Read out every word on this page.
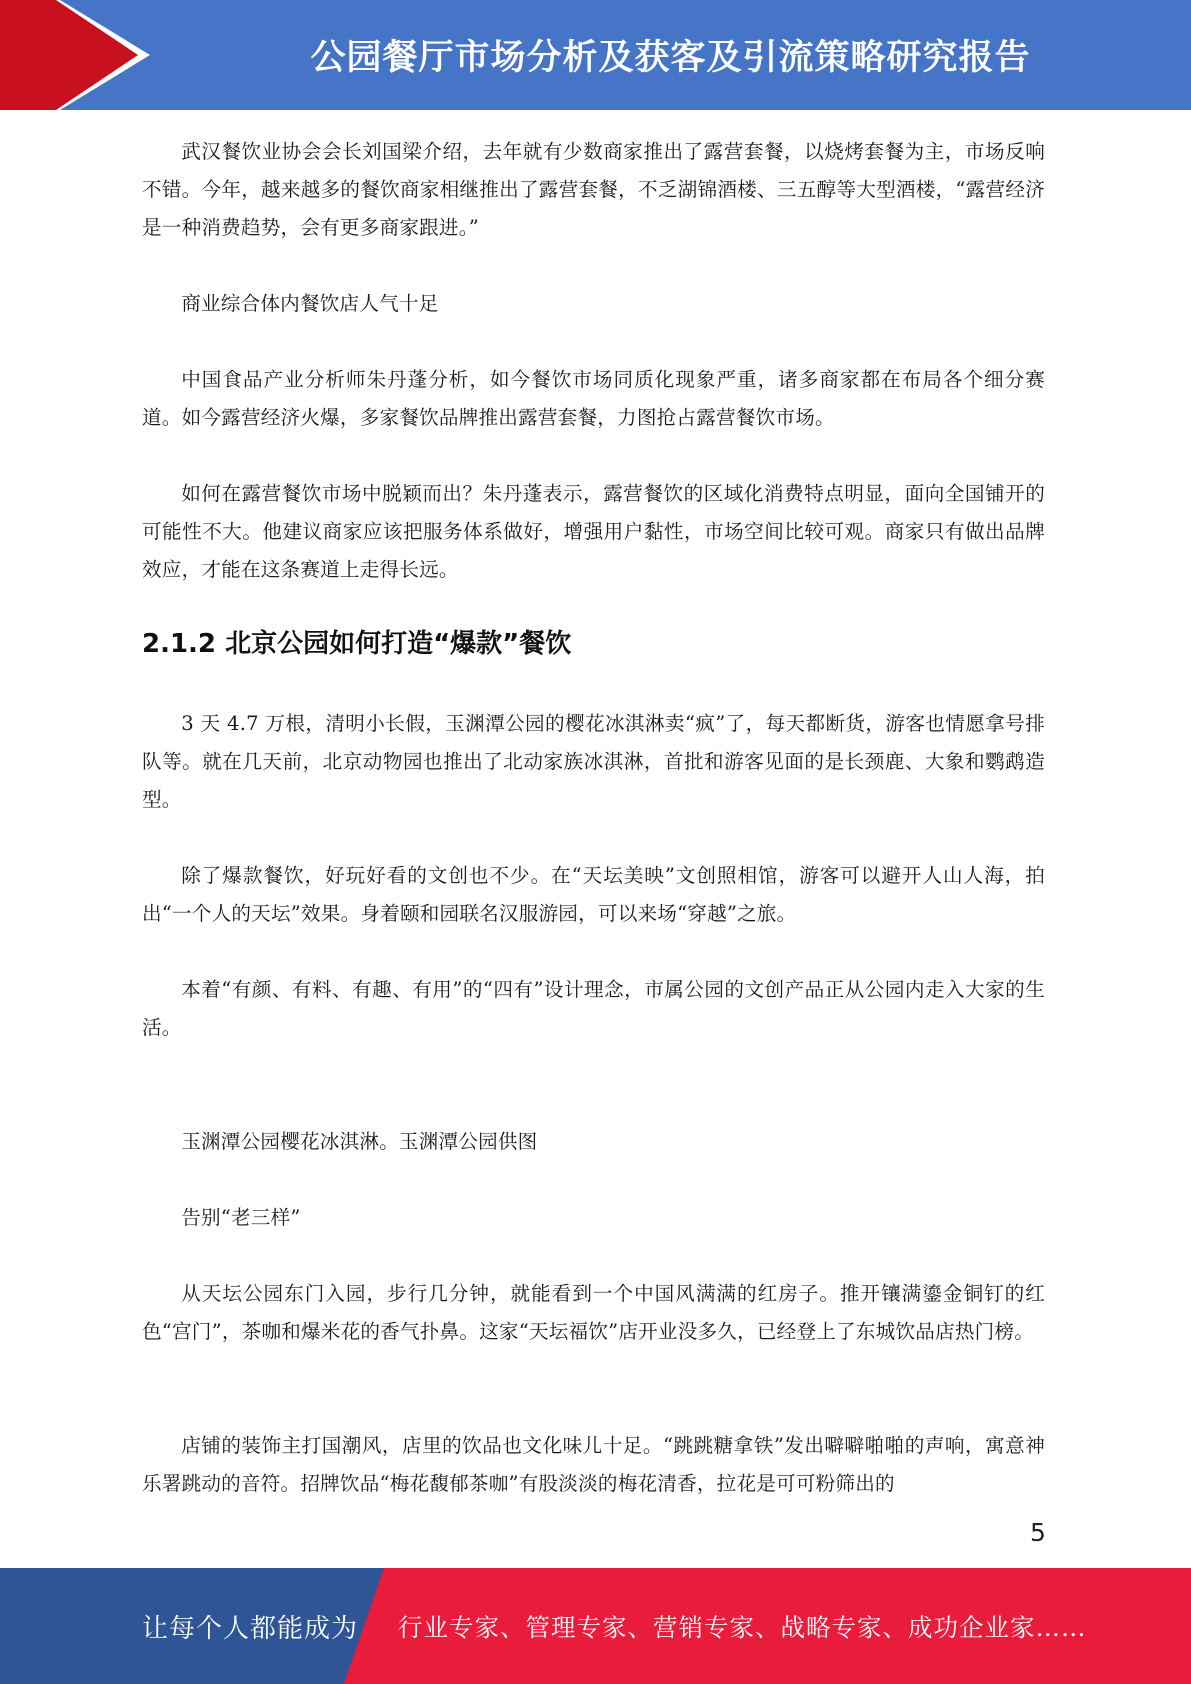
公园餐厅市场分析及获客及引流策略研究报告

武汉餐饮业协会会长刘国梁介绍，去年就有少数商家推出了露营套餐，以烧烤套餐为主，市场反响不错。今年，越来越多的餐饮商家相继推出了露营套餐，不乏湖锦酒楼、三五醇等大型酒楼，“露营经济是一种消费趋势，会有更多商家跟进。”

商业综合体内餐饮店人气十足

中国食品产业分析师朱丹蓬分析，如今餐饮市场同质化现象严重，诸多商家都在布局各个细分赛道。如今露营经济火爆，多家餐饮品牌推出露营套餐，力图抢占露营餐饮市场。

如何在露营餐饮市场中脱颖而出？朱丹蓬表示，露营餐饮的区域化消费特点明显，面向全国铺开的可能性不大。他建议商家应该把服务体系做好，增强用户黏性，市场空间比较可观。商家只有做出品牌效应，才能在这条赛道上走得长远。

2.1.2 北京公园如何打造“爆款”餐饮

3 天 4.7 万根，清明小长假，玉渊潭公园的樱花冰淇淋卖“疯”了，每天都断货，游客也情愿拿号排队等。就在几天前，北京动物园也推出了北动家族冰淇淋，首批和游客见面的是长颈鹿、大象和鹦鹉造型。

除了爆款餐饮，好玩好看的文创也不少。在“天坛美映”文创照相馆，游客可以避开人山人海，拍出“一个人的天坛”效果。身着颐和园联名汉服游园，可以来场“穿越”之旅。

本着“有颜、有料、有趣、有用”的“四有”设计理念，市属公园的文创产品正从公园内走入大家的生活。

玉渊潭公园樱花冰淇淋。玉渊潭公园供图

告别“老三样”

从天坛公园东门入园，步行几分钟，就能看到一个中国风满满的红房子。推开镶满鎏金铜钉的红色“宫门”，茶咖和爆米花的香气扑鼻。这家“天坛福饮”店开业没多久，已经登上了东城饮品店热门榜。

店铺的装饰主打国潮风，店里的饮品也文化味儿十足。“跳跳糖拿铁”发出噼噼啪啪的声响，寓意神乐署跳动的音符。招牌饮品“梅花馥郁茶咖”有股淡淡的梅花清香，拉花是可可粉筛出的

5
让每个人都能成为 行业专家、管理专家、营销专家、战略专家、成功企业家……
